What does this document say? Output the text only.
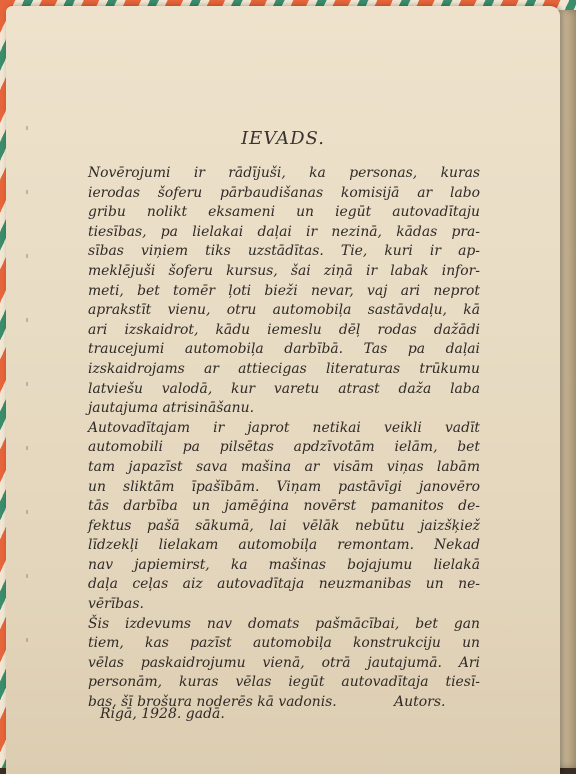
IEVADS.
Novērojumi ir rādījuši, ka personas, kuras
ierodas šoferu pārbaudišanas komisijā ar labo
gribu nolikt eksameni un iegūt autovadītaju
tiesības, pa lielakai daļai ir nezinā, kādas pra-
sības viņiem tiks uzstādītas. Tie, kuri ir ap-
meklējuši šoferu kursus, šai ziņā ir labak infor-
meti, bet tomēr ļoti bieži nevar, vaj ari neprot
aprakstīt vienu, otru automobiļa sastāvdaļu, kā
ari izskaidrot, kādu iemeslu dēļ rodas dažādi
traucejumi automobiļa darbībā. Tas pa daļai
izskaidrojams ar attiecigas literaturas trūkumu
latviešu valodā, kur varetu atrast daža laba
jautajuma atrisināšanu.
Autovadītajam ir japrot netikai veikli vadīt
automobili pa pilsētas apdzīvotām ielām, bet
tam japazīst sava mašina ar visām viņas labām
un sliktām īpašībām. Viņam pastāvīgi janovēro
tās darbība un jamēģina novērst pamanitos de-
fektus pašā sākumā, lai vēlāk nebūtu jaizšķiež
līdzekļi lielakam automobiļa remontam. Nekad
nav japiemirst, ka mašinas bojajumu lielakā
daļa ceļas aiz autovadītaja neuzmanibas un ne-
vērības.
Šis izdevums nav domats pašmācībai, bet gan
tiem, kas pazīst automobiļa konstrukciju un
vēlas paskaidrojumu vienā, otrā jautajumā. Ari
personām, kuras vēlas iegūt autovadītaja tiesī-
bas, šī brošura noderēs kā vadonis.	Autors.
Rigā, 1928. gadā.
